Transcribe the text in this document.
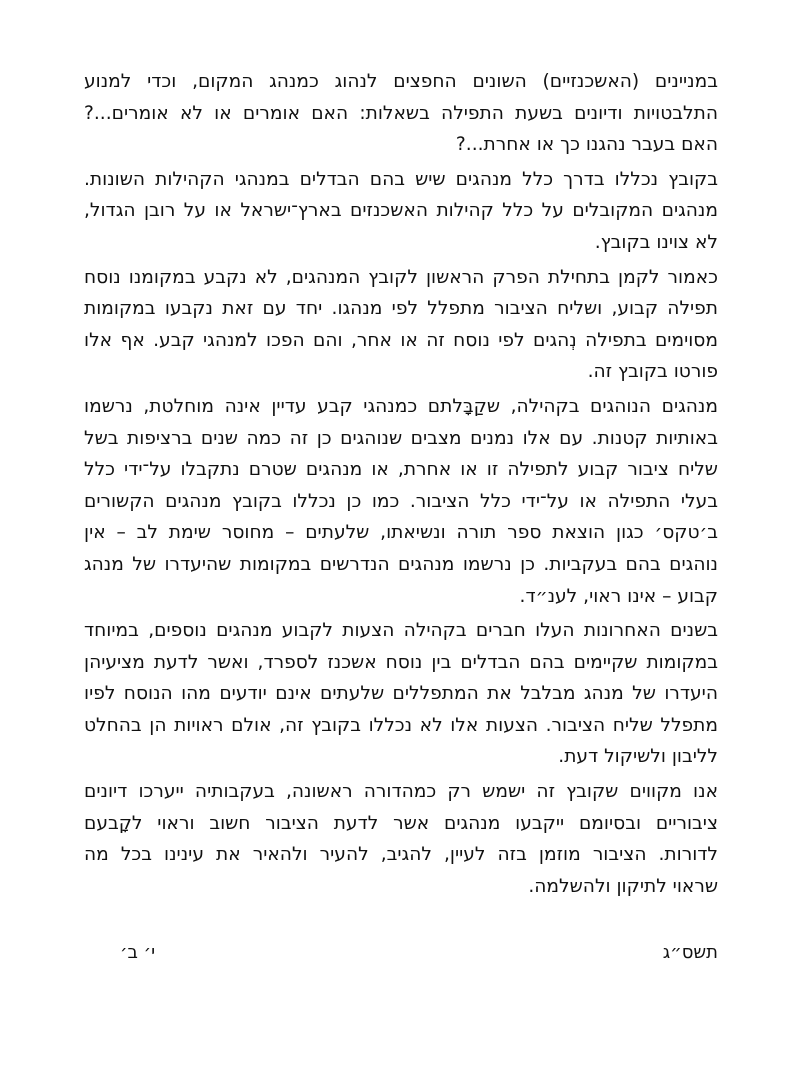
במניינים (האשכנזיים) השונים החפצים לנהוג כמנהג המקום, וכדי למנוע
התלבטויות ודיונים בשעת התפילה בשאלות: האם אומרים או לא אומרים...?
האם בעבר נהגנו כך או אחרת...?
בקובץ נכללו בדרך כלל מנהגים שיש בהם הבדלים במנהגי הקהילות השונות.
מנהגים המקובלים על כלל קהילות האשכנזים בארץ־ישראל או על רובן הגדול,
לא צוינו בקובץ.
כאמור לקמן בתחילת הפרק הראשון לקובץ המנהגים, לא נקבע במקומנו נוסח
תפילה קבוע, ושליח הציבור מתפלל לפי מנהגו. יחד עם זאת נקבעו במקומות
מסוימים בתפילה נְהגים לפי נוסח זה או אחר, והם הפכו למנהגי קבע. אף אלו
פורטו בקובץ זה.
מנהגים הנוהגים בקהילה, שקַבָּלתם כמנהגי קבע עדיין אינה מוחלטת, נרשמו
באותיות קטנות. עם אלו נמנים מצבים שנוהגים כן זה כמה שנים ברציפות בשל
שליח ציבור קבוע לתפילה זו או אחרת, או מנהגים שטרם נתקבלו על־ידי כלל
בעלי התפילה או על־ידי כלל הציבור. כמו כן נכללו בקובץ מנהגים הקשורים
ב׳טקס׳ כגון הוצאת ספר תורה ונשיאתו, שלעתים – מחוסר שימת לב – אין
נוהגים בהם בעקביות. כן נרשמו מנהגים הנדרשים במקומות שהיעדרו של מנהג
קבוע – אינו ראוי, לענ״ד.
בשנים האחרונות העלו חברים בקהילה הצעות לקבוע מנהגים נוספים, במיוחד
במקומות שקיימים בהם הבדלים בין נוסח אשכנז לספרד, ואשר לדעת מציעיהן
היעדרו של מנהג מבלבל את המתפללים שלעתים אינם יודעים מהו הנוסח לפיו
מתפלל שליח הציבור. הצעות אלו לא נכללו בקובץ זה, אולם ראויות הן בהחלט
לליבון ולשיקול דעת.
אנו מקווים שקובץ זה ישמש רק כמהדורה ראשונה, בעקבותיה ייערכו דיונים
ציבוריים ובסיומם ייקבעו מנהגים אשר לדעת הציבור חשוב וראוי לקָבעם
לדורות. הציבור מוזמן בזה לעיין, להגיב, להעיר ולהאיר את עינינו בכל מה
שראוי לתיקון ולהשלמה.
תשס״ג
י׳ ב׳
